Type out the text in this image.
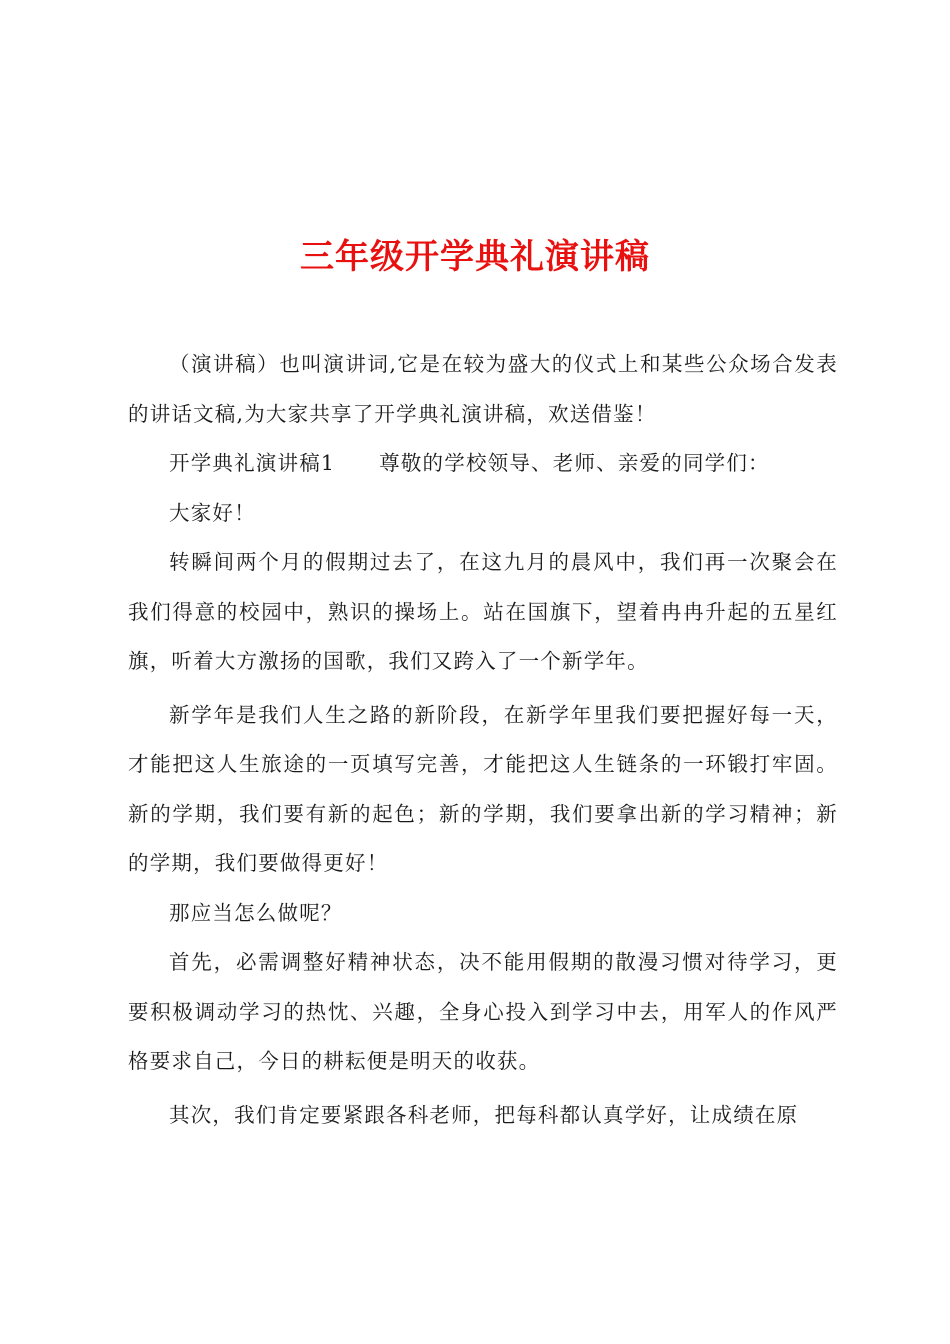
三年级开学典礼演讲稿

（演讲稿）也叫演讲词,它是在较为盛大的仪式上和某些公众场合发表的讲话文稿,为大家共享了开学典礼演讲稿，欢送借鉴！

开学典礼演讲稿1 尊敬的学校领导、老师、亲爱的同学们：

大家好！

转瞬间两个月的假期过去了，在这九月的晨风中，我们再一次聚会在我们得意的校园中，熟识的操场上。站在国旗下，望着冉冉升起的五星红旗，听着大方激扬的国歌，我们又跨入了一个新学年。

新学年是我们人生之路的新阶段，在新学年里我们要把握好每一天，才能把这人生旅途的一页填写完善，才能把这人生链条的一环锻打牢固。新的学期，我们要有新的起色；新的学期，我们要拿出新的学习精神；新的学期，我们要做得更好！

那应当怎么做呢？

首先，必需调整好精神状态，决不能用假期的散漫习惯对待学习，更要积极调动学习的热忱、兴趣，全身心投入到学习中去，用军人的作风严格要求自己，今日的耕耘便是明天的收获。

其次，我们肯定要紧跟各科老师，把每科都认真学好，让成绩在原
